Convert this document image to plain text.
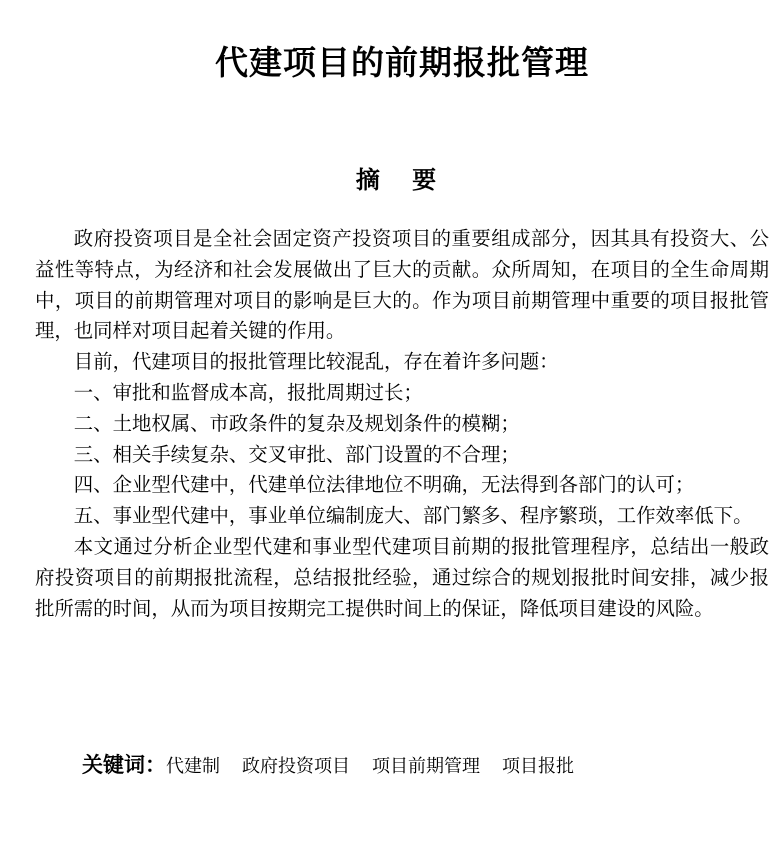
代建项目的前期报批管理
摘 要

政府投资项目是全社会固定资产投资项目的重要组成部分，因其具有投资大、公益性等特点，为经济和社会发展做出了巨大的贡献。众所周知，在项目的全生命周期中，项目的前期管理对项目的影响是巨大的。作为项目前期管理中重要的项目报批管理，也同样对项目起着关键的作用。

目前，代建项目的报批管理比较混乱，存在着许多问题：

一、审批和监督成本高，报批周期过长；

二、土地权属、市政条件的复杂及规划条件的模糊；

三、相关手续复杂、交叉审批、部门设置的不合理；

四、企业型代建中，代建单位法律地位不明确，无法得到各部门的认可；

五、事业型代建中，事业单位编制庞大、部门繁多、程序繁琐，工作效率低下。

本文通过分析企业型代建和事业型代建项目前期的报批管理程序，总结出一般政府投资项目的前期报批流程，总结报批经验，通过综合的规划报批时间安排，减少报批所需的时间，从而为项目按期完工提供时间上的保证，降低项目建设的风险。

关键词：代建制 政府投资项目 项目前期管理 项目报批
